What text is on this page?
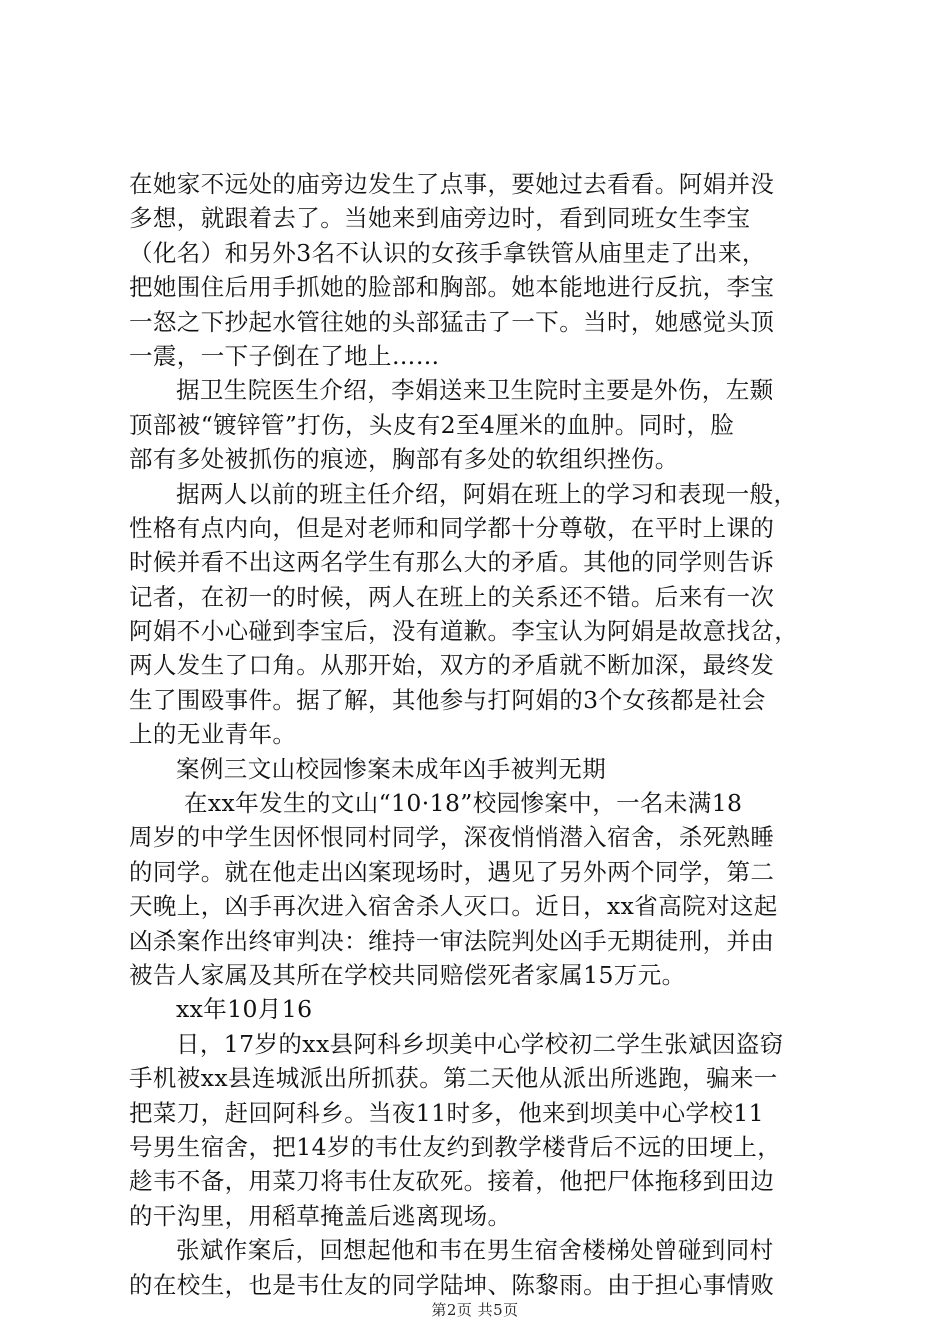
在她家不远处的庙旁边发生了点事，要她过去看看。阿娟并没
多想，就跟着去了。当她来到庙旁边时，看到同班女生李宝
（化名）和另外3名不认识的女孩手拿铁管从庙里走了出来，
把她围住后用手抓她的脸部和胸部。她本能地进行反抗，李宝
一怒之下抄起水管往她的头部猛击了一下。当时，她感觉头顶
一震，一下子倒在了地上……
据卫生院医生介绍，李娟送来卫生院时主要是外伤，左颞
顶部被“镀锌管”打伤，头皮有2至4厘米的血肿。同时，脸
部有多处被抓伤的痕迹，胸部有多处的软组织挫伤。
据两人以前的班主任介绍，阿娟在班上的学习和表现一般，
性格有点内向，但是对老师和同学都十分尊敬，在平时上课的
时候并看不出这两名学生有那么大的矛盾。其他的同学则告诉
记者，在初一的时候，两人在班上的关系还不错。后来有一次
阿娟不小心碰到李宝后，没有道歉。李宝认为阿娟是故意找岔，
两人发生了口角。从那开始，双方的矛盾就不断加深，最终发
生了围殴事件。据了解，其他参与打阿娟的3个女孩都是社会
上的无业青年。
案例三文山校园惨案未成年凶手被判无期
在xx年发生的文山“10·18”校园惨案中，一名未满18
周岁的中学生因怀恨同村同学，深夜悄悄潜入宿舍，杀死熟睡
的同学。就在他走出凶案现场时，遇见了另外两个同学，第二
天晚上，凶手再次进入宿舍杀人灭口。近日，xx省高院对这起
凶杀案作出终审判决：维持一审法院判处凶手无期徒刑，并由
被告人家属及其所在学校共同赔偿死者家属15万元。
xx年10月16
日，17岁的xx县阿科乡坝美中心学校初二学生张斌因盗窃
手机被xx县连城派出所抓获。第二天他从派出所逃跑，骗来一
把菜刀，赶回阿科乡。当夜11时多，他来到坝美中心学校11
号男生宿舍，把14岁的韦仕友约到教学楼背后不远的田埂上，
趁韦不备，用菜刀将韦仕友砍死。接着，他把尸体拖移到田边
的干沟里，用稻草掩盖后逃离现场。
张斌作案后，回想起他和韦在男生宿舍楼梯处曾碰到同村
的在校生，也是韦仕友的同学陆坤、陈黎雨。由于担心事情败
第2页 共5页
